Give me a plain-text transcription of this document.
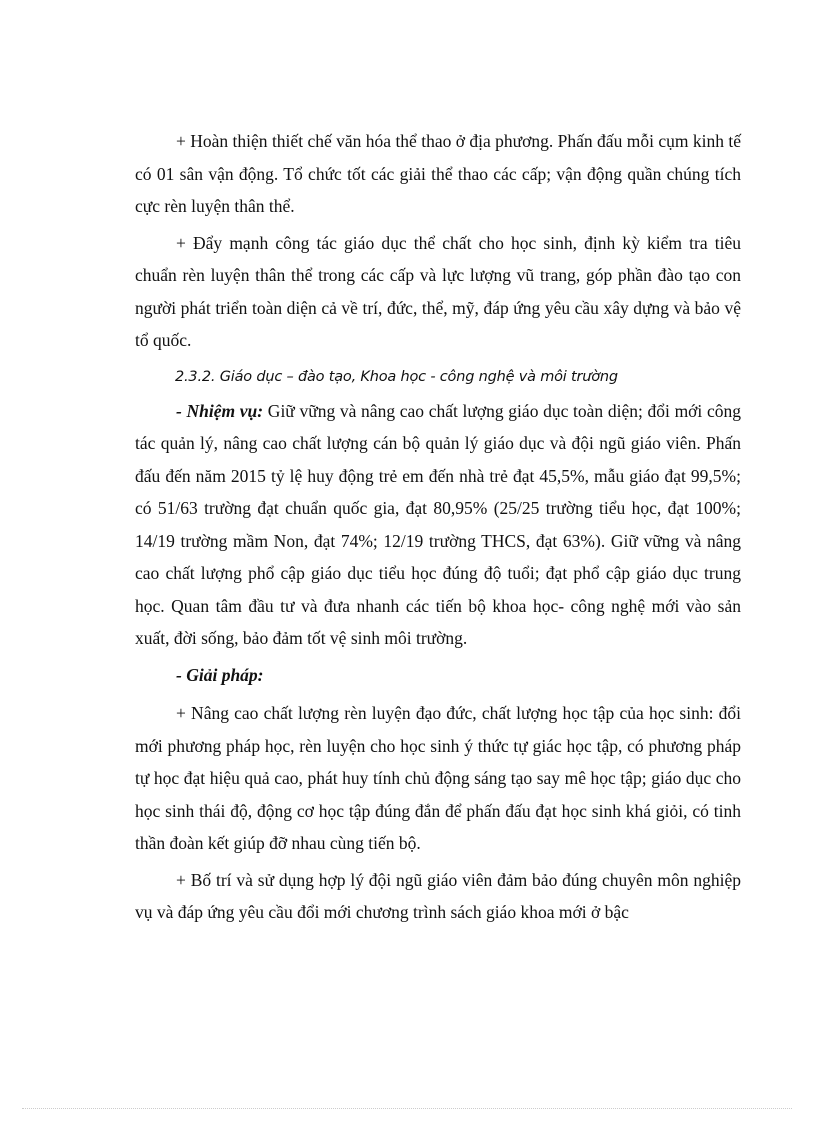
+ Hoàn thiện thiết chế văn hóa thể thao ở địa phương. Phấn đấu mỗi cụm kinh tế có 01 sân vận động. Tổ chức tốt các giải thể thao các cấp; vận động quần chúng tích cực rèn luyện thân thể.

+ Đẩy mạnh công tác giáo dục thể chất cho học sinh, định kỳ kiểm tra tiêu chuẩn rèn luyện thân thể trong các cấp và lực lượng vũ trang, góp phần đào tạo con người phát triển toàn diện cả về trí, đức, thể, mỹ, đáp ứng yêu cầu xây dựng và bảo vệ tổ quốc.

2.3.2. Giáo dục – đào tạo, Khoa học - công nghệ và môi trường

- Nhiệm vụ: Giữ vững và nâng cao chất lượng giáo dục toàn diện; đổi mới công tác quản lý, nâng cao chất lượng cán bộ quản lý giáo dục và đội ngũ giáo viên. Phấn đấu đến năm 2015 tỷ lệ huy động trẻ em đến nhà trẻ đạt 45,5%, mẫu giáo đạt 99,5%; có 51/63 trường đạt chuẩn quốc gia, đạt 80,95% (25/25 trường tiểu học, đạt 100%; 14/19 trường mầm Non, đạt 74%; 12/19 trường THCS, đạt 63%). Giữ vững và nâng cao chất lượng phổ cập giáo dục tiểu học đúng độ tuổi; đạt phổ cập giáo dục trung học. Quan tâm đầu tư và đưa nhanh các tiến bộ khoa học- công nghệ mới vào sản xuất, đời sống, bảo đảm tốt vệ sinh môi trường.

- Giải pháp:

+ Nâng cao chất lượng rèn luyện đạo đức, chất lượng học tập của học sinh: đổi mới phương pháp học, rèn luyện cho học sinh ý thức tự giác học tập, có phương pháp tự học đạt hiệu quả cao, phát huy tính chủ động sáng tạo say mê học tập; giáo dục cho học sinh thái độ, động cơ học tập đúng đắn để phấn đấu đạt học sinh khá giỏi, có tinh thần đoàn kết giúp đỡ nhau cùng tiến bộ.

+ Bố trí và sử dụng hợp lý đội ngũ giáo viên đảm bảo đúng chuyên môn nghiệp vụ và đáp ứng yêu cầu đổi mới chương trình sách giáo khoa mới ở bậc
